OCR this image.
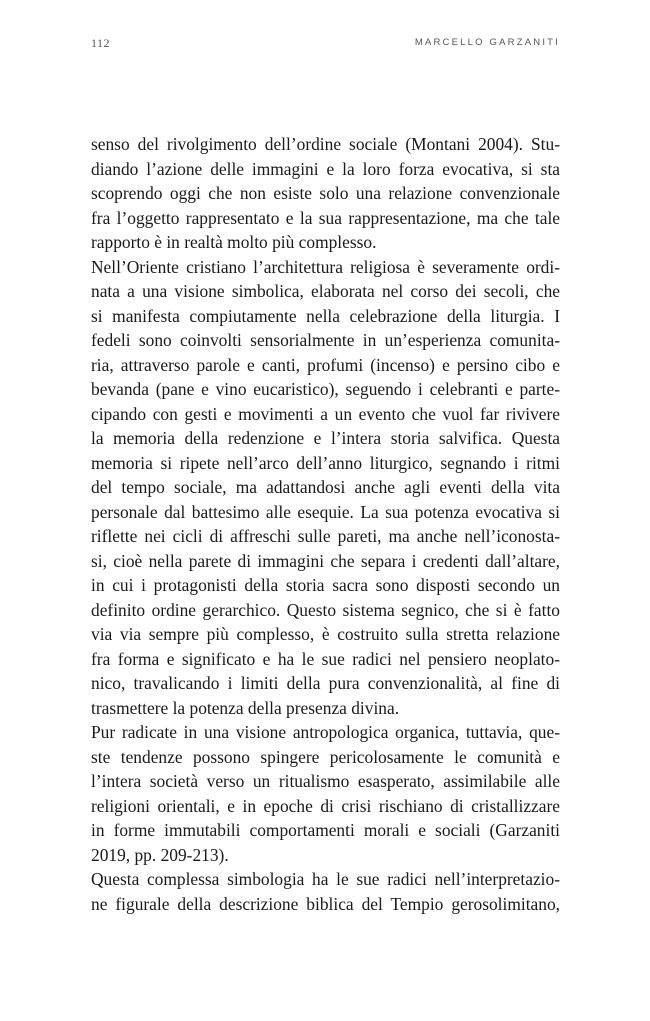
112	MARCELLO GARZANITI
senso del rivolgimento dell’ordine sociale (Montani 2004). Stu-
diando l’azione delle immagini e la loro forza evocativa, si sta
scoprendo oggi che non esiste solo una relazione convenzionale
fra l’oggetto rappresentato e la sua rappresentazione, ma che tale
rapporto è in realtà molto più complesso.
Nell’Oriente cristiano l’architettura religiosa è severamente ordi-
nata a una visione simbolica, elaborata nel corso dei secoli, che
si manifesta compiutamente nella celebrazione della liturgia. I
fedeli sono coinvolti sensorialmente in un’esperienza comunita-
ria, attraverso parole e canti, profumi (incenso) e persino cibo e
bevanda (pane e vino eucaristico), seguendo i celebranti e parte-
cipando con gesti e movimenti a un evento che vuol far rivivere
la memoria della redenzione e l’intera storia salvifica. Questa
memoria si ripete nell’arco dell’anno liturgico, segnando i ritmi
del tempo sociale, ma adattandosi anche agli eventi della vita
personale dal battesimo alle esequie. La sua potenza evocativa si
riflette nei cicli di affreschi sulle pareti, ma anche nell’iconosta-
si, cioè nella parete di immagini che separa i credenti dall’altare,
in cui i protagonisti della storia sacra sono disposti secondo un
definito ordine gerarchico. Questo sistema segnico, che si è fatto
via via sempre più complesso, è costruito sulla stretta relazione
fra forma e significato e ha le sue radici nel pensiero neoplato-
nico, travalicando i limiti della pura convenzionalità, al fine di
trasmettere la potenza della presenza divina.
Pur radicate in una visione antropologica organica, tuttavia, que-
ste tendenze possono spingere pericolosamente le comunità e
l’intera società verso un ritualismo esasperato, assimilabile alle
religioni orientali, e in epoche di crisi rischiano di cristallizzare
in forme immutabili comportamenti morali e sociali (Garzaniti
2019, pp. 209-213).
Questa complessa simbologia ha le sue radici nell’interpretazio-
ne figurale della descrizione biblica del Tempio gerosolimitano,
